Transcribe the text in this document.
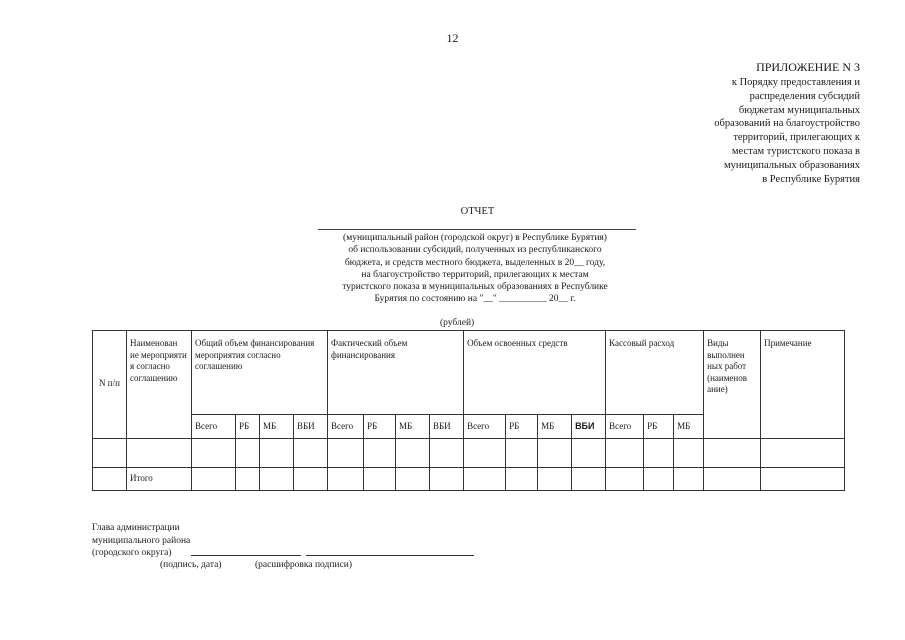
12
ПРИЛОЖЕНИЕ N 3
к Порядку предоставления и
распределения субсидий
бюджетам муниципальных
образований на благоустройство
территорий, прилегающих к
местам туристского показа в
муниципальных образованиях
в Республике Бурятия
ОТЧЕТ
(муниципальный район (городской округ) в Республике Бурятия)
об использовании субсидий, полученных из республиканского
бюджета, и средств местного бюджета, выделенных в 20__ году,
на благоустройство территорий, прилегающих к местам
туристского показа в муниципальных образованиях в Республике
Бурятия по состоянию на "__" __________ 20__ г.
(рублей)
N п/п	Наименован ие мероприяти я согласно соглашению	Общий объем финансирования мероприятия согласно соглашению				Фактический объем финансирования				Объем освоенных средств				Кассовый расход			Виды выполнен ных работ (наименов ание)	Примечание
		Всего	РБ	МБ	ВБИ	Всего	РБ	МБ	ВБИ	Всего	РБ	МБ	ВБИ	Всего	РБ	МБ		

	Итого																	
Глава администрации
муниципального района
(городского округа)
(подпись, дата)	(расшифровка подписи)
